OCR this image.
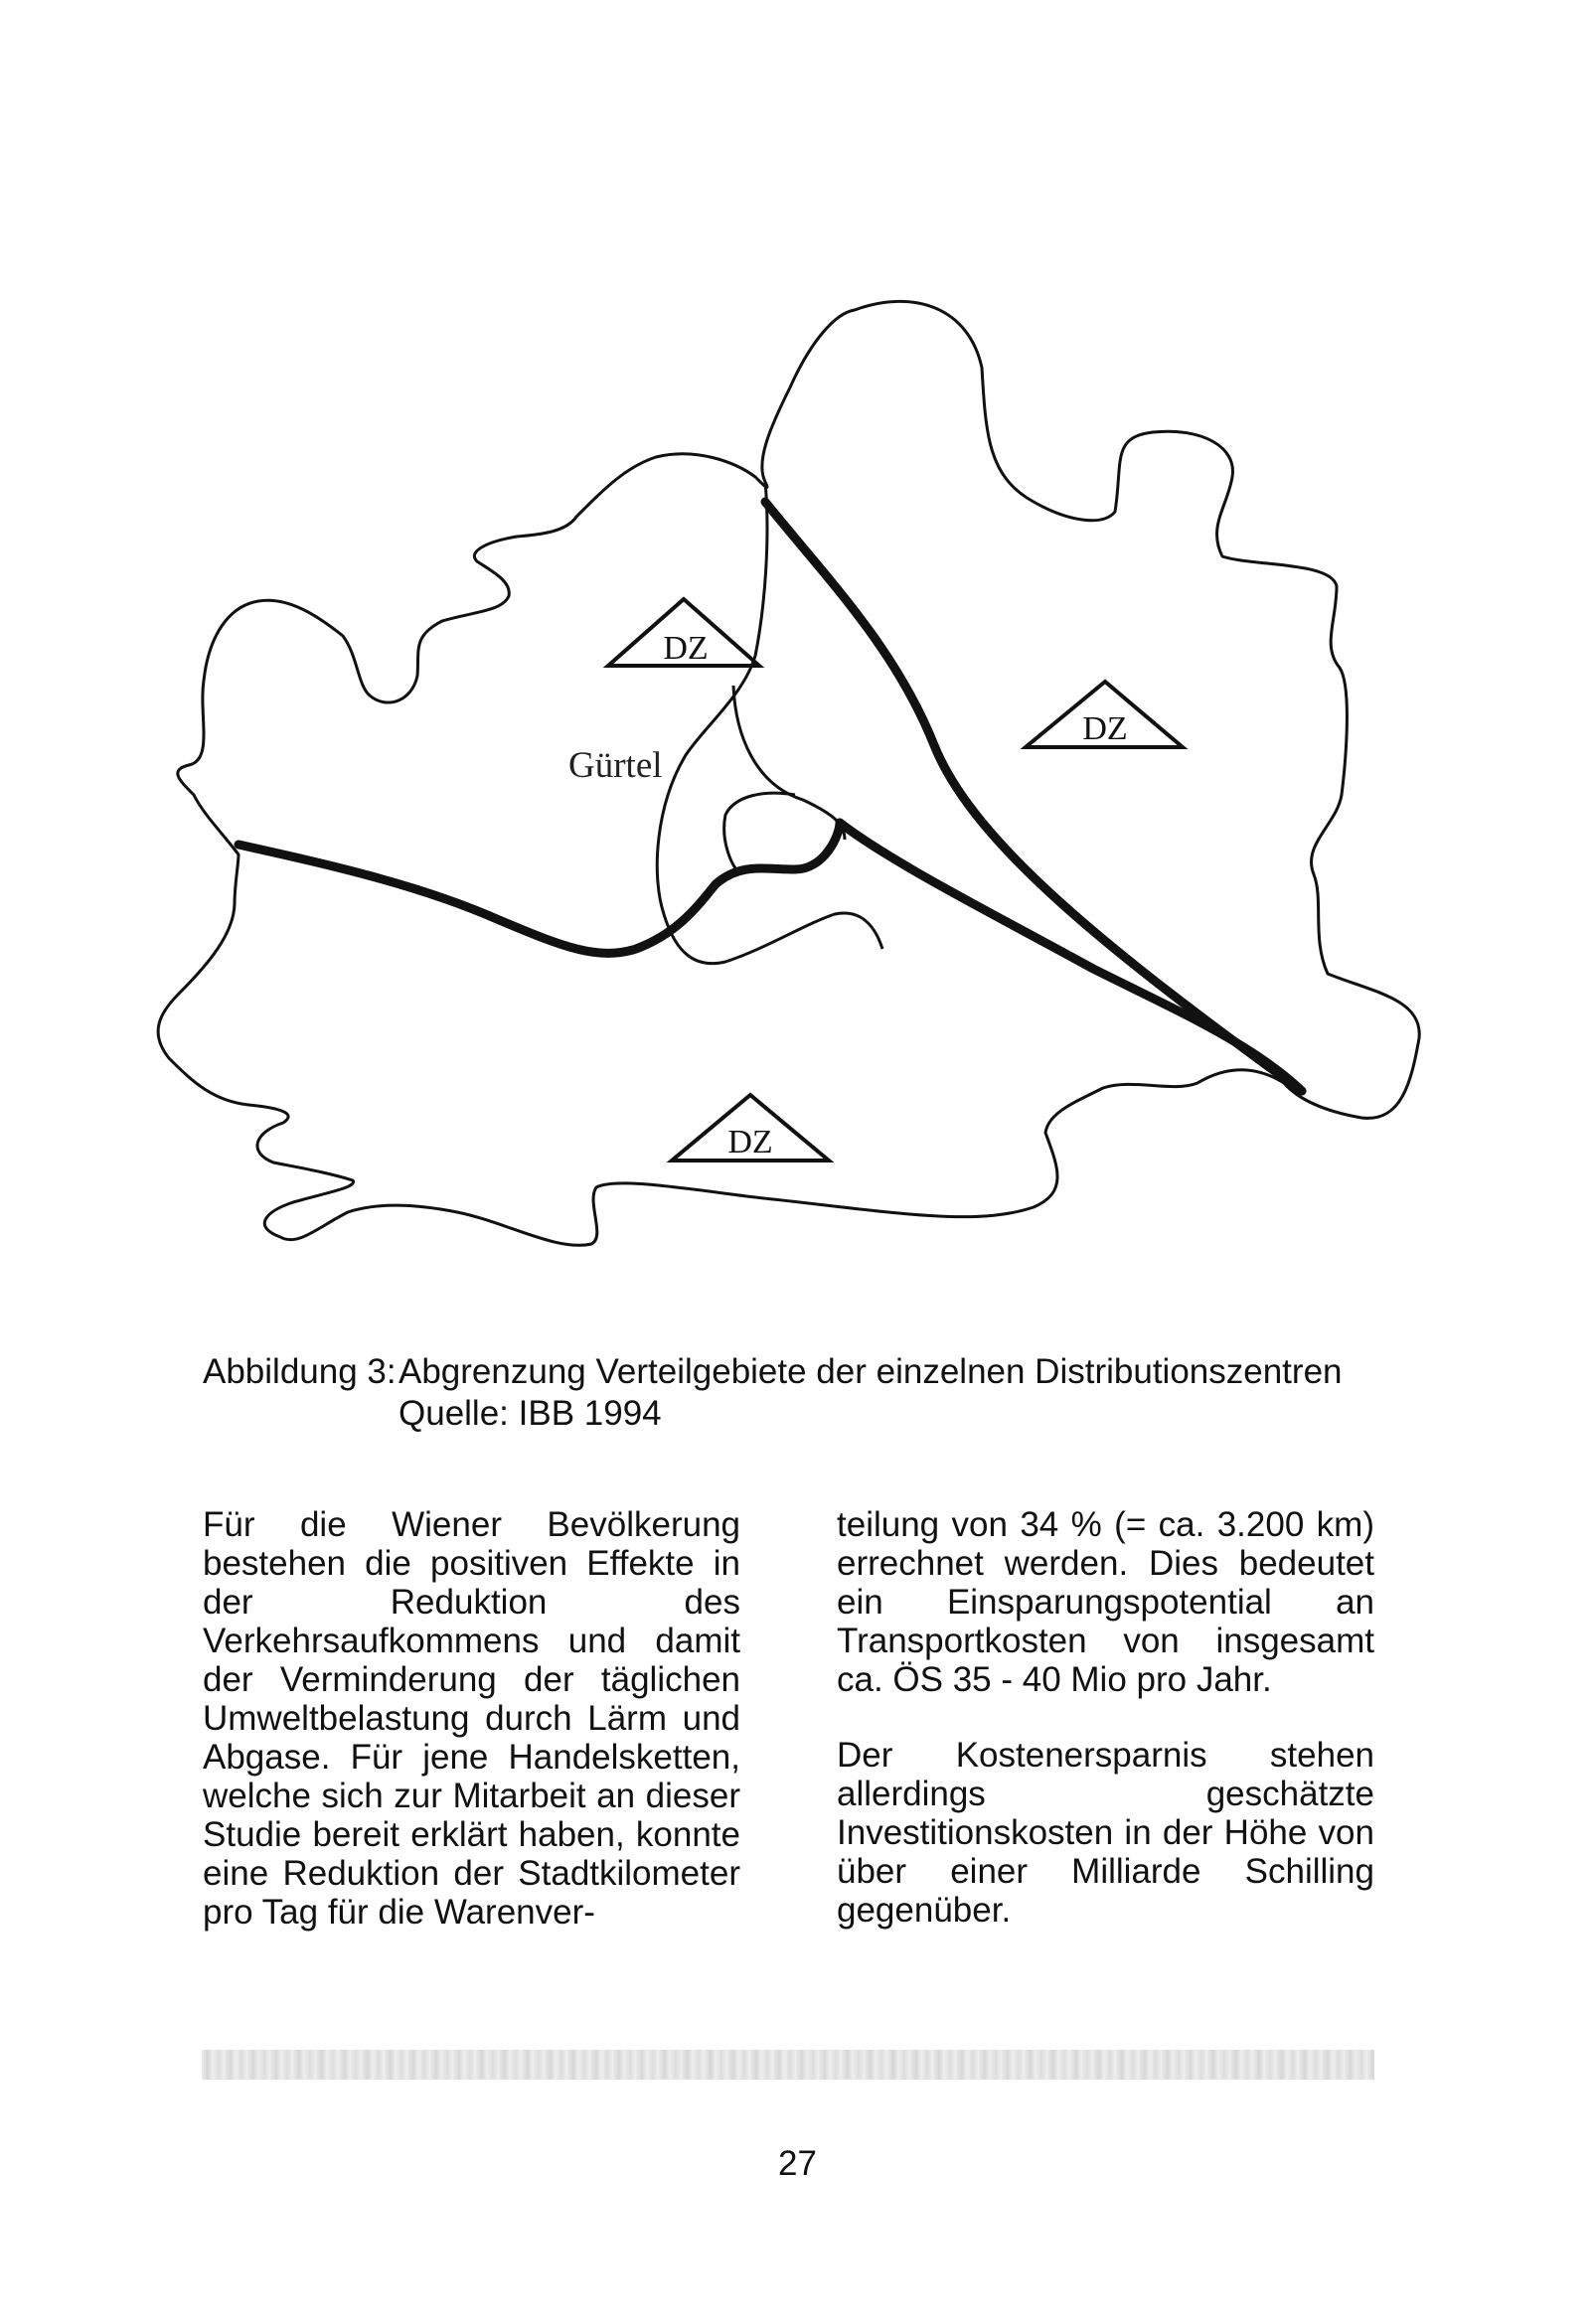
DZ
DZ
DZ
Gürtel
Abbildung 3:Abgrenzung Verteilgebiete der einzelnen Distributionszentren
Quelle: IBB 1994

Für die Wiener Bevölkerung bestehen die positiven Effekte in der Reduktion des Verkehrsaufkommens und damit der Verminderung der täglichen Umweltbelastung durch Lärm und Abgase. Für jene Handelsketten, welche sich zur Mitarbeit an dieser Studie bereit erklärt haben, konnte eine Reduktion der Stadtkilometer pro Tag für die Warenver-

teilung von 34 % (= ca. 3.200 km) errechnet werden. Dies bedeutet ein Einsparungspotential an Transportkosten von insgesamt ca. ÖS 35 - 40 Mio pro Jahr.

Der Kostenersparnis stehen allerdings geschätzte Investitionskosten in der Höhe von über einer Milliarde Schilling gegenüber.

27
